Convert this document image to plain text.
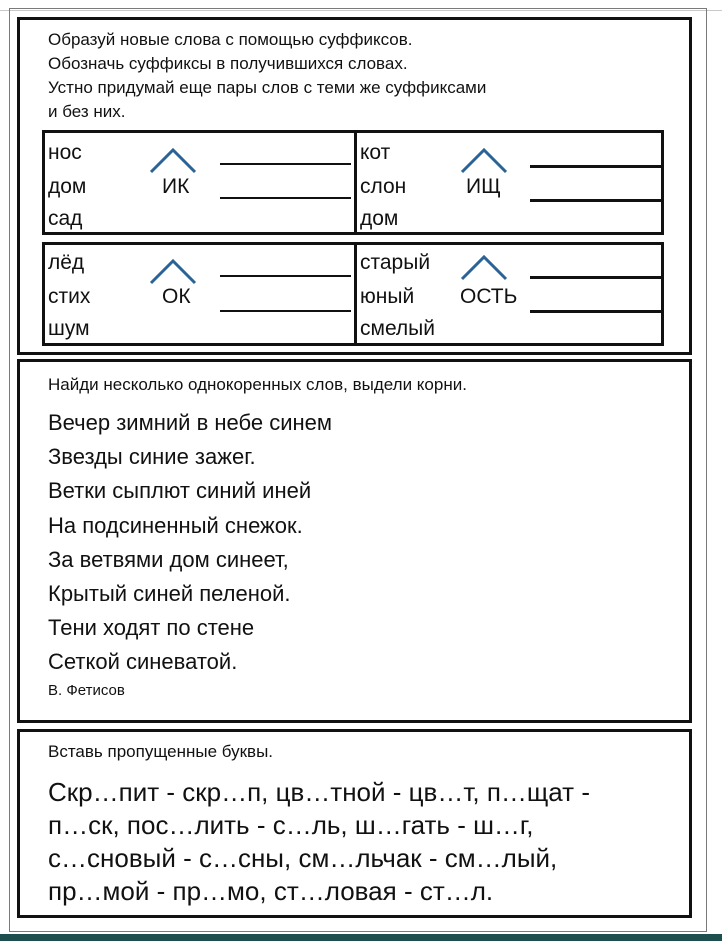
Образуй новые слова с помощью суффиксов.
Обозначь суффиксы в получившихся словах.
Устно придумай еще пары слов с теми же суффиксами
и без них.
нос
дом
сад
ИК
кот
слон
дом
ИЩ
лёд
стих
шум
ОК
старый
юный
смелый
ОСТЬ
Найди несколько однокоренных слов, выдели корни.
Вечер зимний в небе синем
Звезды синие зажег.
Ветки сыплют синий иней
На подсиненный снежок.
За ветвями дом синеет,
Крытый синей пеленой.
Тени ходят по стене
Сеткой синеватой.
В. Фетисов
Вставь пропущенные буквы.
Скр…пит - скр…п, цв…тной - цв…т, п…щат -
п…ск, пос…лить - с…ль, ш…гать - ш…г,
с…сновый - с…сны, см…льчак - см…лый,
пр…мой - пр…мо, ст…ловая - ст…л.
